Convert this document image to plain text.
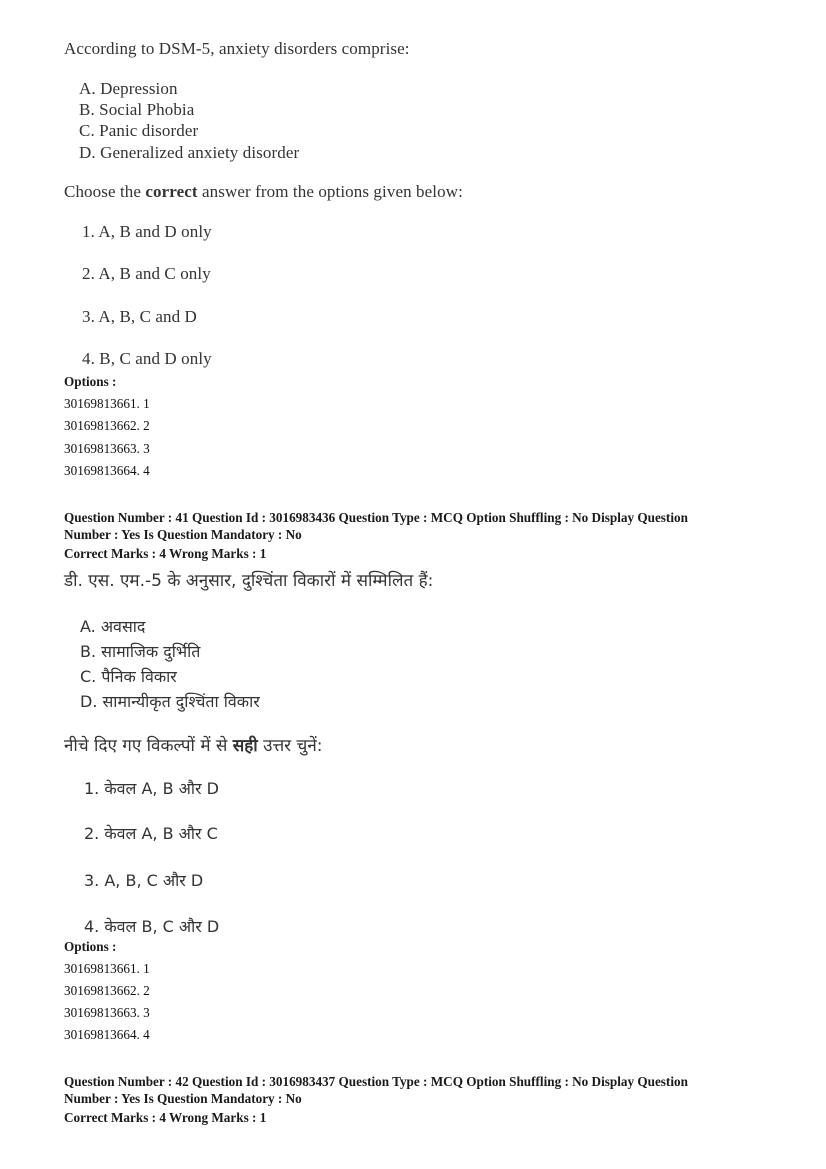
According to DSM-5, anxiety disorders comprise:
A. Depression
B. Social Phobia
C. Panic disorder
D. Generalized anxiety disorder
Choose the correct answer from the options given below:
1. A, B and D only
2. A, B and C only
3. A, B, C and D
4. B, C and D only
Options :
30169813661. 1
30169813662. 2
30169813663. 3
30169813664. 4
Question Number : 41 Question Id : 3016983436 Question Type : MCQ Option Shuffling : No Display Question
Number : Yes Is Question Mandatory : No
Correct Marks : 4 Wrong Marks : 1
डी. एस. एम.-5 के अनुसार, दुश्चिंता विकारों में सम्मिलित हैं:
A. अवसाद
B. सामाजिक दुर्भिति
C. पैनिक विकार
D. सामान्यीकृत दुश्चिंता विकार
नीचे दिए गए विकल्पों में से सही उत्तर चुनें:
1. केवल A, B और D
2. केवल A, B और C
3. A, B, C और D
4. केवल B, C और D
Options :
30169813661. 1
30169813662. 2
30169813663. 3
30169813664. 4
Question Number : 42 Question Id : 3016983437 Question Type : MCQ Option Shuffling : No Display Question
Number : Yes Is Question Mandatory : No
Correct Marks : 4 Wrong Marks : 1
